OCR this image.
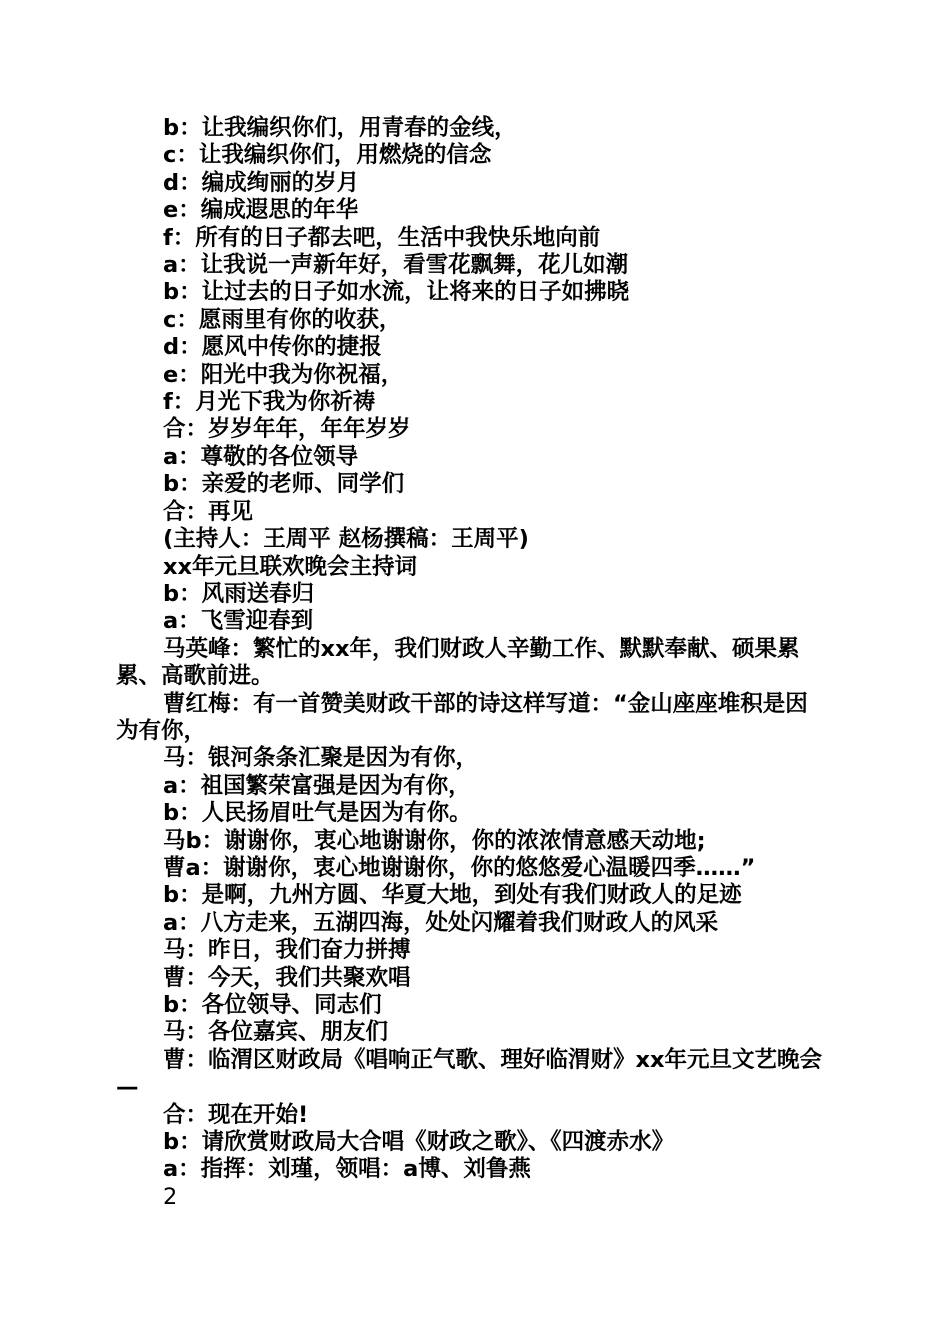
b：让我编织你们，用青春的金线，

c：让我编织你们，用燃烧的信念

d：编成绚丽的岁月

e：编成遐思的年华

f：所有的日子都去吧，生活中我快乐地向前

a：让我说一声新年好，看雪花飘舞，花儿如潮

b：让过去的日子如水流，让将来的日子如拂晓

c：愿雨里有你的收获，

d：愿风中传你的捷报

e：阳光中我为你祝福，

f：月光下我为你祈祷

合：岁岁年年，年年岁岁

a：尊敬的各位领导

b：亲爱的老师、同学们

合：再见

(主持人：王周平 赵杨撰稿：王周平)

xx年元旦联欢晚会主持词

b：风雨送春归

a：飞雪迎春到

马英峰：繁忙的xx年，我们财政人辛勤工作、默默奉献、硕果累累、高歌前进。

曹红梅：有一首赞美财政干部的诗这样写道：“金山座座堆积是因为有你，

马：银河条条汇聚是因为有你，

a：祖国繁荣富强是因为有你，

b：人民扬眉吐气是因为有你。

马b：谢谢你，衷心地谢谢你，你的浓浓情意感天动地;

曹a：谢谢你，衷心地谢谢你，你的悠悠爱心温暖四季……”

b：是啊，九州方圆、华夏大地，到处有我们财政人的足迹

a：八方走来，五湖四海，处处闪耀着我们财政人的风采

马：昨日，我们奋力拼搏

曹：今天，我们共聚欢唱

b：各位领导、同志们

马：各位嘉宾、朋友们

曹：临渭区财政局《唱响正气歌、理好临渭财》xx年元旦文艺晚会—

合：现在开始!

b：请欣赏财政局大合唱《财政之歌》、《四渡赤水》

a：指挥：刘瑾，领唱：a博、刘鲁燕

2
